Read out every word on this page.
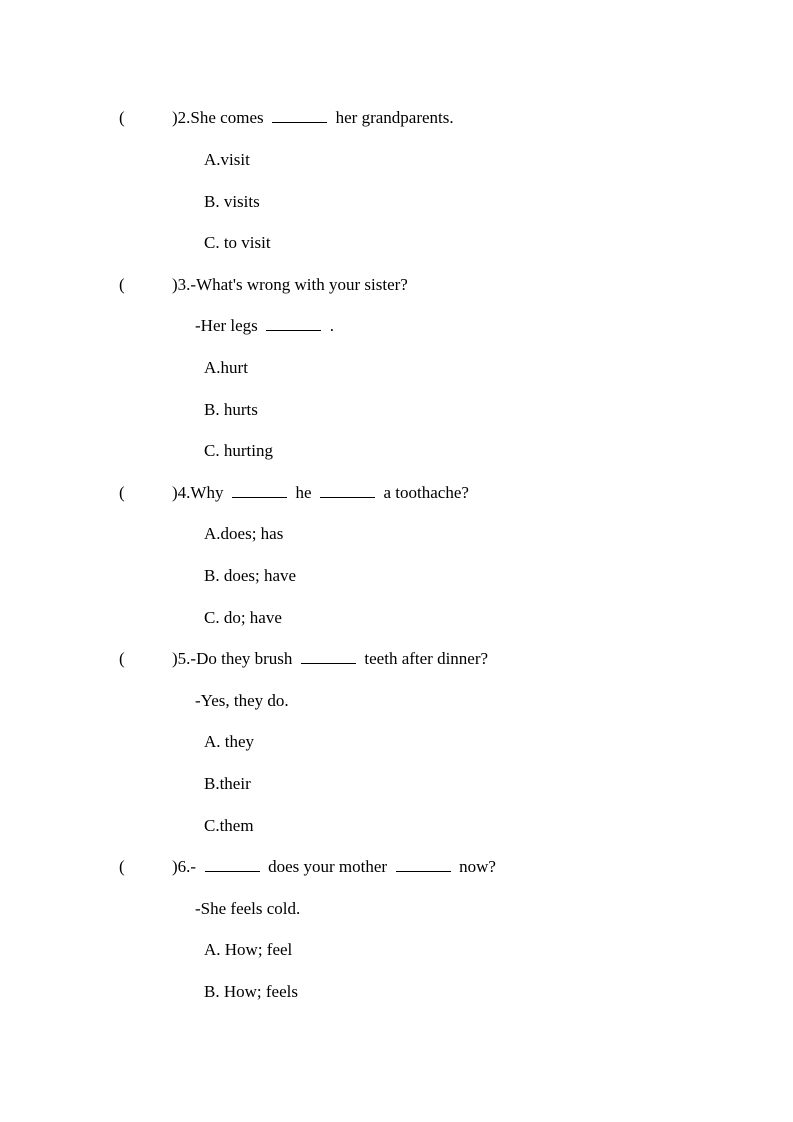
(	)2.She comes	her grandparents.
A.visit
B. visits
C. to visit
(	)3.-What's wrong with your sister?
-Her legs	.
A.hurt
B. hurts
C. hurting
(	)4.Why	he	a toothache?
A.does; has
B. does; have
C. do; have
(	)5.-Do they brush	teeth after dinner?
-Yes, they do.
A. they
B.their
C.them
(	)6.-	does your mother	now?
-She feels cold.
A. How; feel
B. How; feels
